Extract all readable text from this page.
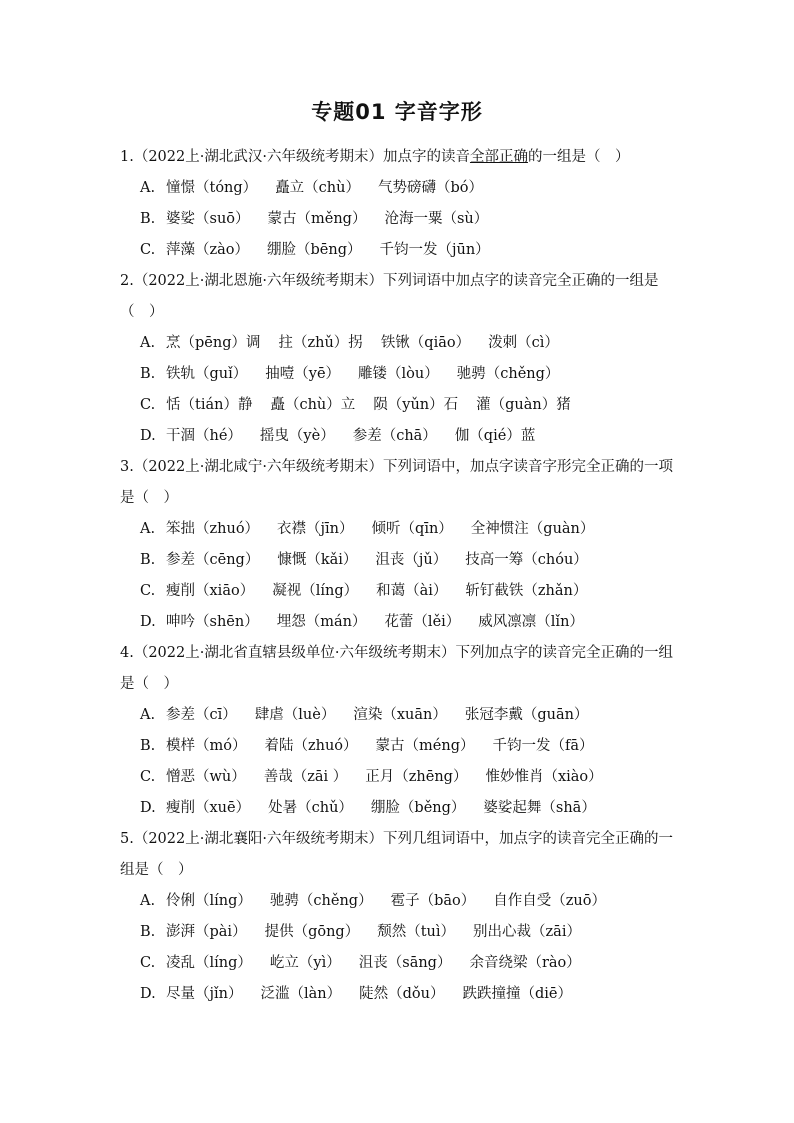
专题01 字音字形

1.（2022上·湖北武汉·六年级统考期末）加点字的读音全部正确的一组是（　）

A. 憧憬（tóng） 矗立（chù） 气势磅礴（bó）
B. 婆娑（suō） 蒙古（měng） 沧海一粟（sù）
C. 萍藻（zào） 绷脸（bēng） 千钧一发（jūn）

2.（2022上·湖北恩施·六年级统考期末）下列词语中加点字的读音完全正确的一组是（　）

A. 烹（pēng）调 拄（zhǔ）拐 铁锹（qiāo） 泼刺（cì）
B. 铁轨（guǐ） 抽噎（yē） 雕镂（lòu） 驰骋（chěng）
C. 恬（tián）静 矗（chù）立 陨（yǔn）石 灌（guàn）猪
D. 干涸（hé） 摇曳（yè） 参差（chā） 伽（qié）蓝

3.（2022上·湖北咸宁·六年级统考期末）下列词语中，加点字读音字形完全正确的一项是（　）

A. 笨拙（zhuó） 衣襟（jīn） 倾听（qīn） 全神惯注（guàn）
B. 参差（cēng） 慷慨（kǎi） 沮丧（jǔ） 技高一筹（chóu）
C. 瘦削（xiāo） 凝视（líng） 和蔼（ài） 斩钉截铁（zhǎn）
D. 呻吟（shēn） 埋怨（mán） 花蕾（lěi） 威风凛凛（lǐn）

4.（2022上·湖北省直辖县级单位·六年级统考期末）下列加点字的读音完全正确的一组是（　）

A. 参差（cī） 肆虐（luè） 渲染（xuān） 张冠李戴（guān）
B. 模样（mó） 着陆（zhuó） 蒙古（méng） 千钧一发（fā）
C. 憎恶（wù） 善哉（zāi ） 正月（zhēng） 惟妙惟肖（xiào）
D. 瘦削（xuē） 处暑（chǔ） 绷脸（běng） 婆娑起舞（shā）

5.（2022上·湖北襄阳·六年级统考期末）下列几组词语中，加点字的读音完全正确的一组是（　）

A. 伶俐（líng） 驰骋（chěng） 雹子（bāo） 自作自受（zuō）
B. 澎湃（pài） 提供（gōng） 颓然（tuì） 别出心裁（zāi）
C. 凌乱（líng） 屹立（yì） 沮丧（sāng） 余音绕梁（rào）
D. 尽量（jǐn） 泛滥（làn） 陡然（dǒu） 跌跌撞撞（diē）
